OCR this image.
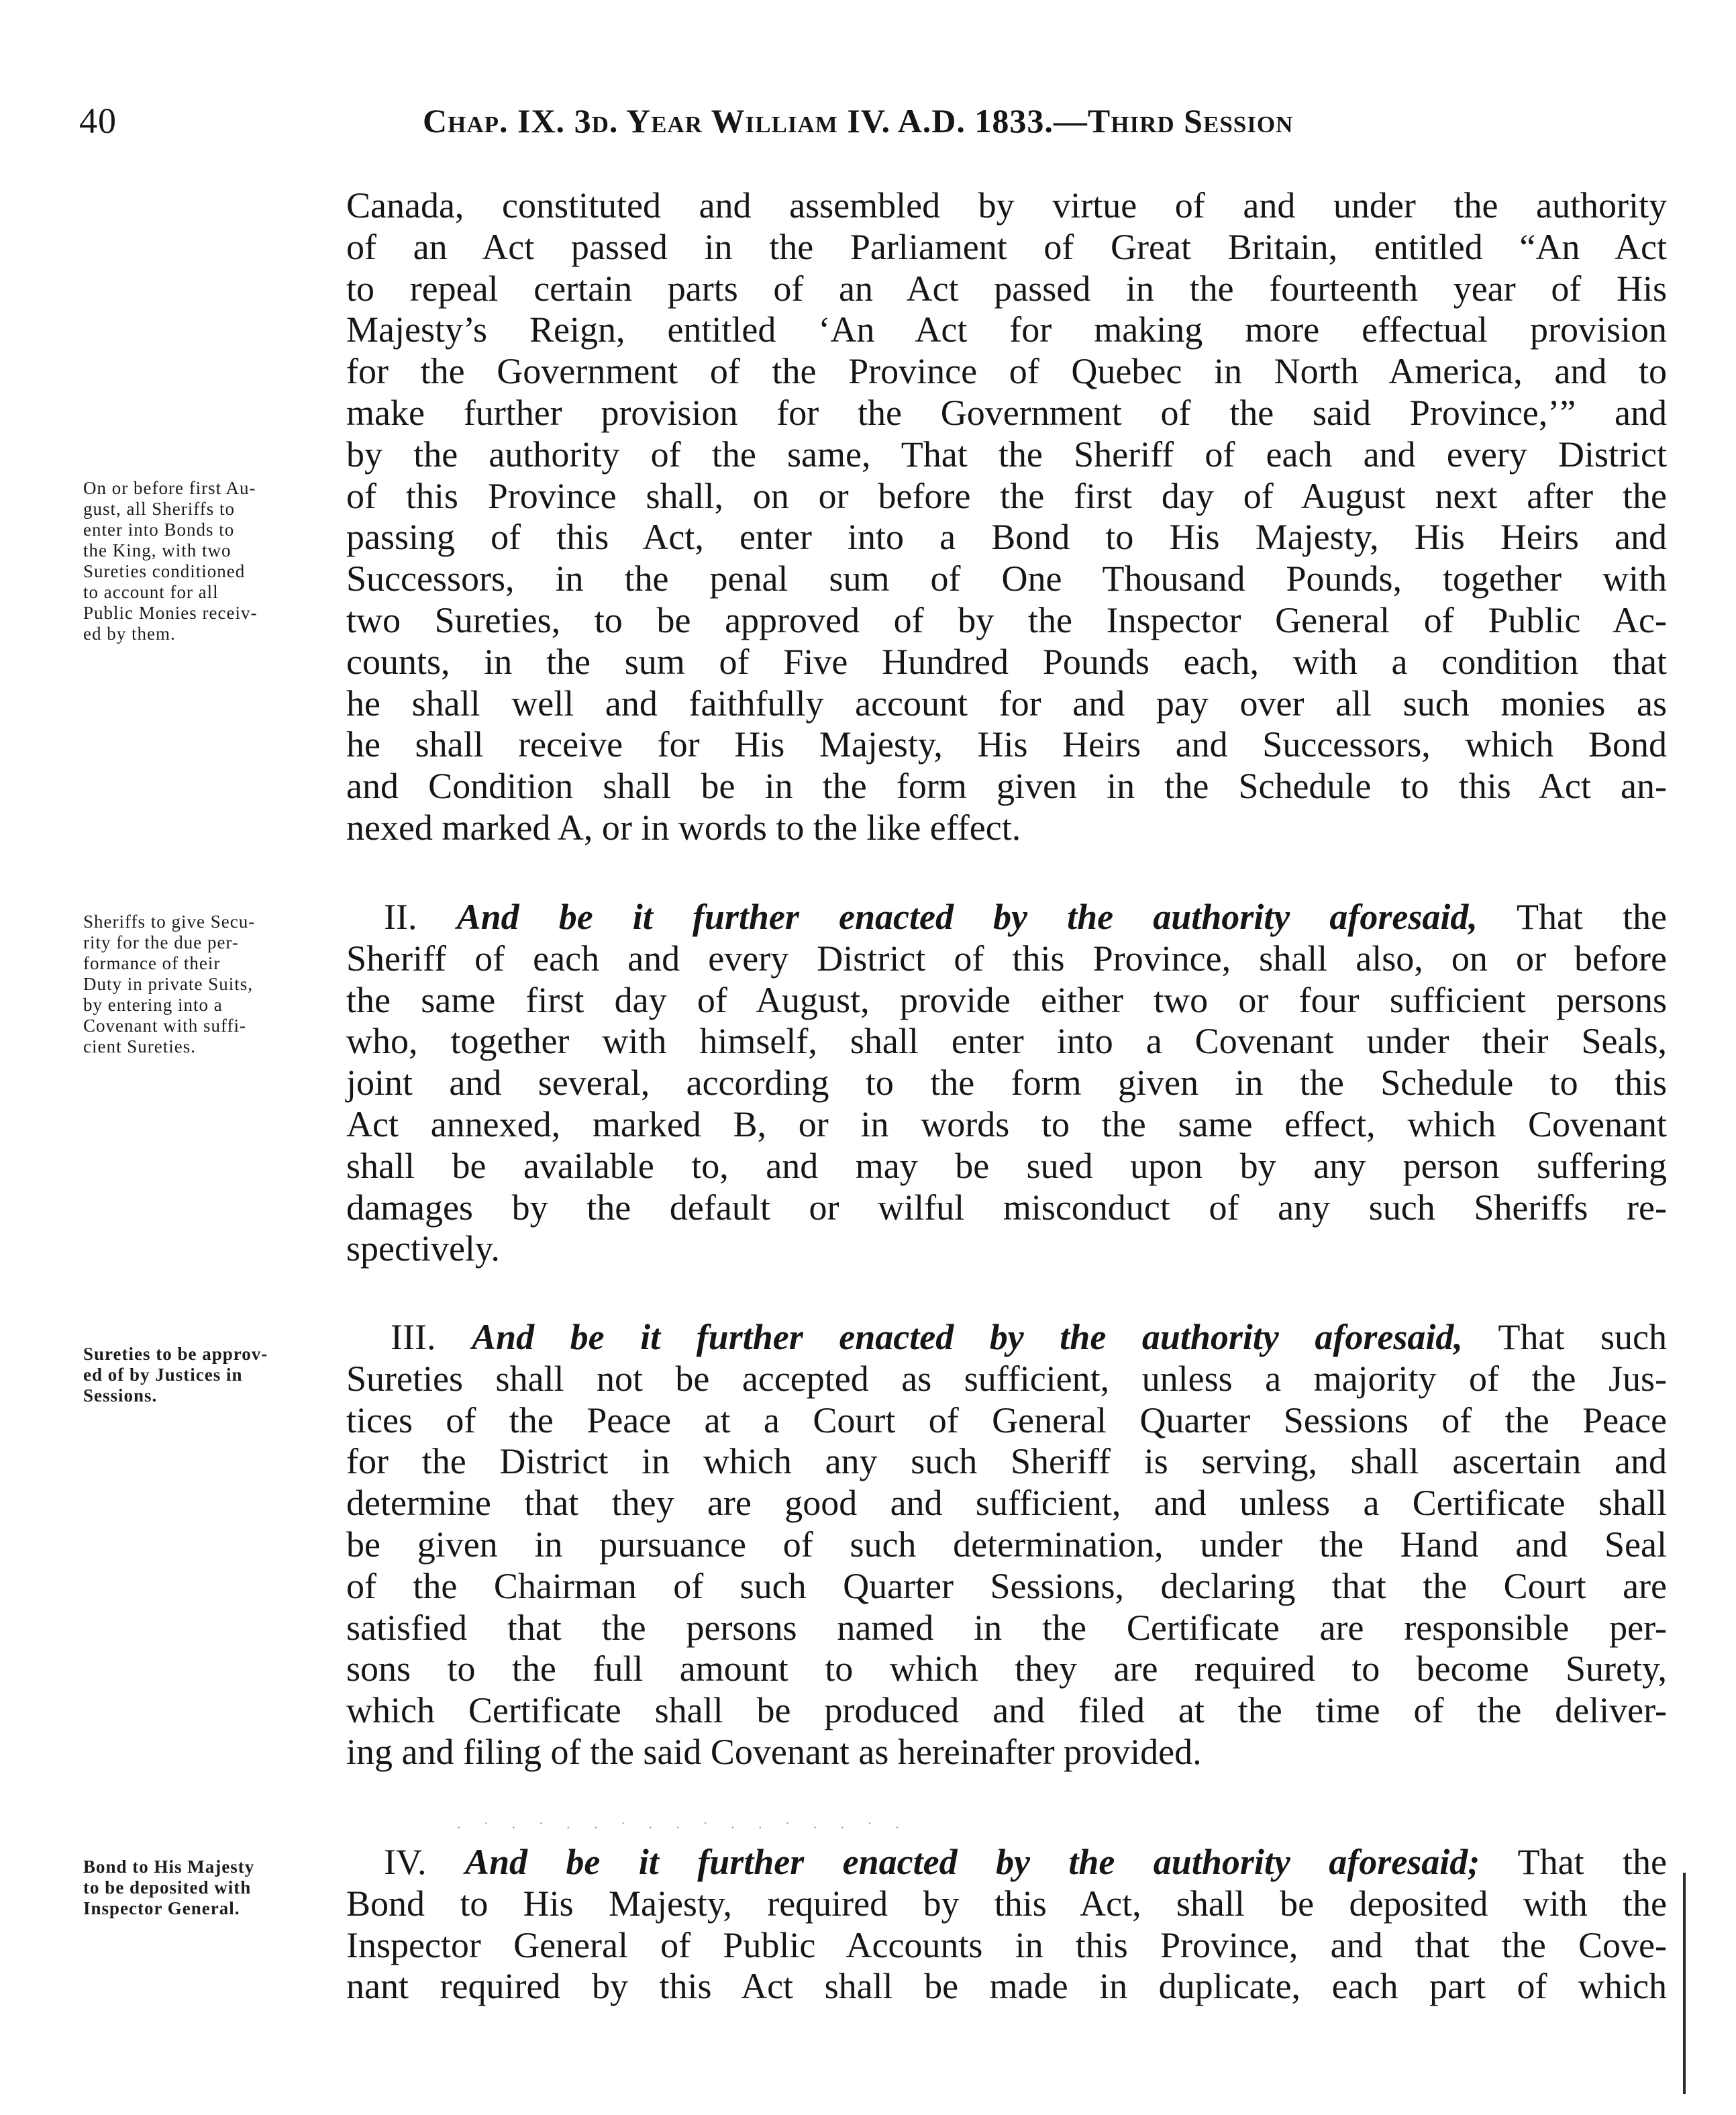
40	Chap. IX. 3d. Year William IV. A.D. 1833.—Third Session
Canada, constituted and assembled by virtue of and under the authority
of an Act passed in the Parliament of Great Britain, entitled “An Act
to repeal certain parts of an Act passed in the fourteenth year of His
Majesty’s Reign, entitled ‘An Act for making more effectual provision
for the Government of the Province of Quebec in North America, and to
make further provision for the Government of the said Province,’” and
by the authority of the same, That the Sheriff of each and every District
of this Province shall, on or before the first day of August next after the
passing of this Act, enter into a Bond to His Majesty, His Heirs and
Successors, in the penal sum of One Thousand Pounds, together with
two Sureties, to be approved of by the Inspector General of Public Ac-
counts, in the sum of Five Hundred Pounds each, with a condition that
he shall well and faithfully account for and pay over all such monies as
he shall receive for His Majesty, His Heirs and Successors, which Bond
and Condition shall be in the form given in the Schedule to this Act an-
nexed marked A, or in words to the like effect.
On or before first Au-
gust, all Sheriffs to
enter into Bonds to
the King, with two
Sureties conditioned
to account for all
Public Monies receiv-
ed by them.
II. And be it further enacted by the authority aforesaid, That the
Sheriff of each and every District of this Province, shall also, on or before
the same first day of August, provide either two or four sufficient persons
who, together with himself, shall enter into a Covenant under their Seals,
joint and several, according to the form given in the Schedule to this
Act annexed, marked B, or in words to the same effect, which Covenant
shall be available to, and may be sued upon by any person suffering
damages by the default or wilful misconduct of any such Sheriffs re-
spectively.
Sheriffs to give Secu-
rity for the due per-
formance of their
Duty in private Suits,
by entering into a
Covenant with suffi-
cient Sureties.
III. And be it further enacted by the authority aforesaid, That such
Sureties shall not be accepted as sufficient, unless a majority of the Jus-
tices of the Peace at a Court of General Quarter Sessions of the Peace
for the District in which any such Sheriff is serving, shall ascertain and
determine that they are good and sufficient, and unless a Certificate shall
be given in pursuance of such determination, under the Hand and Seal
of the Chairman of such Quarter Sessions, declaring that the Court are
satisfied that the persons named in the Certificate are responsible per-
sons to the full amount to which they are required to become Surety,
which Certificate shall be produced and filed at the time of the deliver-
ing and filing of the said Covenant as hereinafter provided.
Sureties to be approv-
ed of by Justices in
Sessions.
· ˙ · ˙ · · ˙ · · ˙ · · ˙ · · ˙ ·
IV. And be it further enacted by the authority aforesaid; That the
Bond to His Majesty, required by this Act, shall be deposited with the
Inspector General of Public Accounts in this Province, and that the Cove-
nant required by this Act shall be made in duplicate, each part of which
Bond to His Majesty
to be deposited with
Inspector General.
